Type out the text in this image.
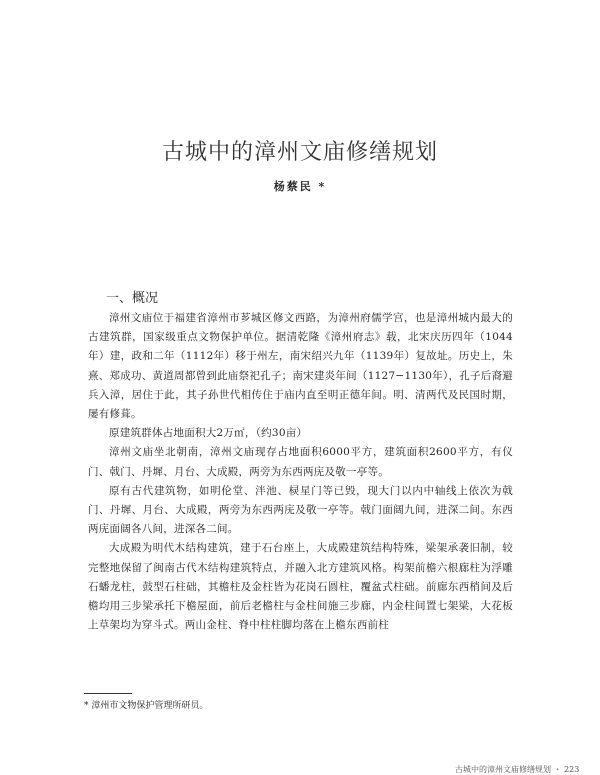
古城中的漳州文庙修缮规划
杨蔡民 *
一、概况

漳州文庙位于福建省漳州市芗城区修文西路，为漳州府儒学宫，也是漳州城内最大的古建筑群，国家级重点文物保护单位。据清乾隆《漳州府志》载，北宋庆历四年（1044年）建，政和二年（1112年）移于州左，南宋绍兴九年（1139年）复故址。历史上，朱熹、郑成功、黄道周都曾到此庙祭祀孔子；南宋建炎年间（1127−1130年），孔子后裔避兵入漳，居住于此，其子孙世代相传住于庙内直至明正德年间。明、清两代及民国时期，屡有修葺。

原建筑群体占地面积大2万㎡，（约30亩）

漳州文庙坐北朝南，漳州文庙现存占地面积6000平方，建筑面积2600平方，有仪门、戟门、丹墀、月台、大成殿，两旁为东西两庑及敬一亭等。

原有古代建筑物，如明伦堂、泮池、棂星门等已毁，现大门以内中轴线上依次为戟门、丹墀、月台、大成殿，两旁为东西两庑及敬一亭等。戟门面阔九间，进深二间。东西两庑面阔各八间，进深各二间。

大成殿为明代木结构建筑，建于石台座上，大成殿建筑结构特殊，梁架承袭旧制，较完整地保留了闽南古代木结构建筑特点，并融入北方建筑风格。构架前檐六根廊柱为浮雕石蟠龙柱，鼓型石柱础，其檐柱及金柱皆为花岗石圆柱，覆盆式柱础。前廊东西梢间及后檐均用三步梁承托下檐屋面，前后老檐柱与金柱间施三步廊，内金柱间置七架梁，大花板上草架均为穿斗式。两山金柱、脊中柱柱脚均落在上檐东西前柱

* 漳州市文物保护管理所研员。
古城中的漳州文庙修缮规划 ・ 223
